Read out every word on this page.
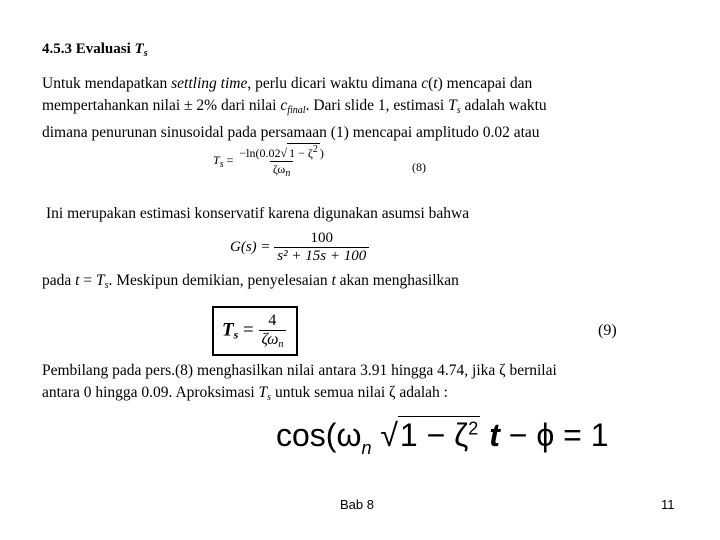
4.5.3 Evaluasi $T_s$
Untuk mendapatkan settling time, perlu dicari waktu dimana c(t) mencapai dan
mempertahankan nilai ± 2% dari nilai $c_{final}$. Dari slide 1, estimasi $T_s$ adalah waktu
dimana penurunan sinusoidal pada persamaan (1) mencapai amplitudo 0.02 atau
$T_s = \frac{-\ln(0.02√ 1 - \zeta^2 )}{\zeta\omega_n}$	(8)
Ini merupakan estimasi konservatif karena digunakan asumsi bahwa
$G(s) = \frac{100}{\text{s² + 15s + 100}}$
pada $t = T_s$. Meskipun demikian, penyelesaian t akan menghasilkan
$T_s = \frac{4}{\zeta\omega_n}$	(9)
Pembilang pada pers.(8) menghasilkan nilai antara 3.91 hingga 4.74, jika ζ bernilai
antara 0 hingga 0.09. Aproksimasi $T_s$ untuk semua nilai ζ adalah :
$\cos(\omega_n$ $√1 - \zeta^2$ t − ϕ = 1
Bab 8	11
